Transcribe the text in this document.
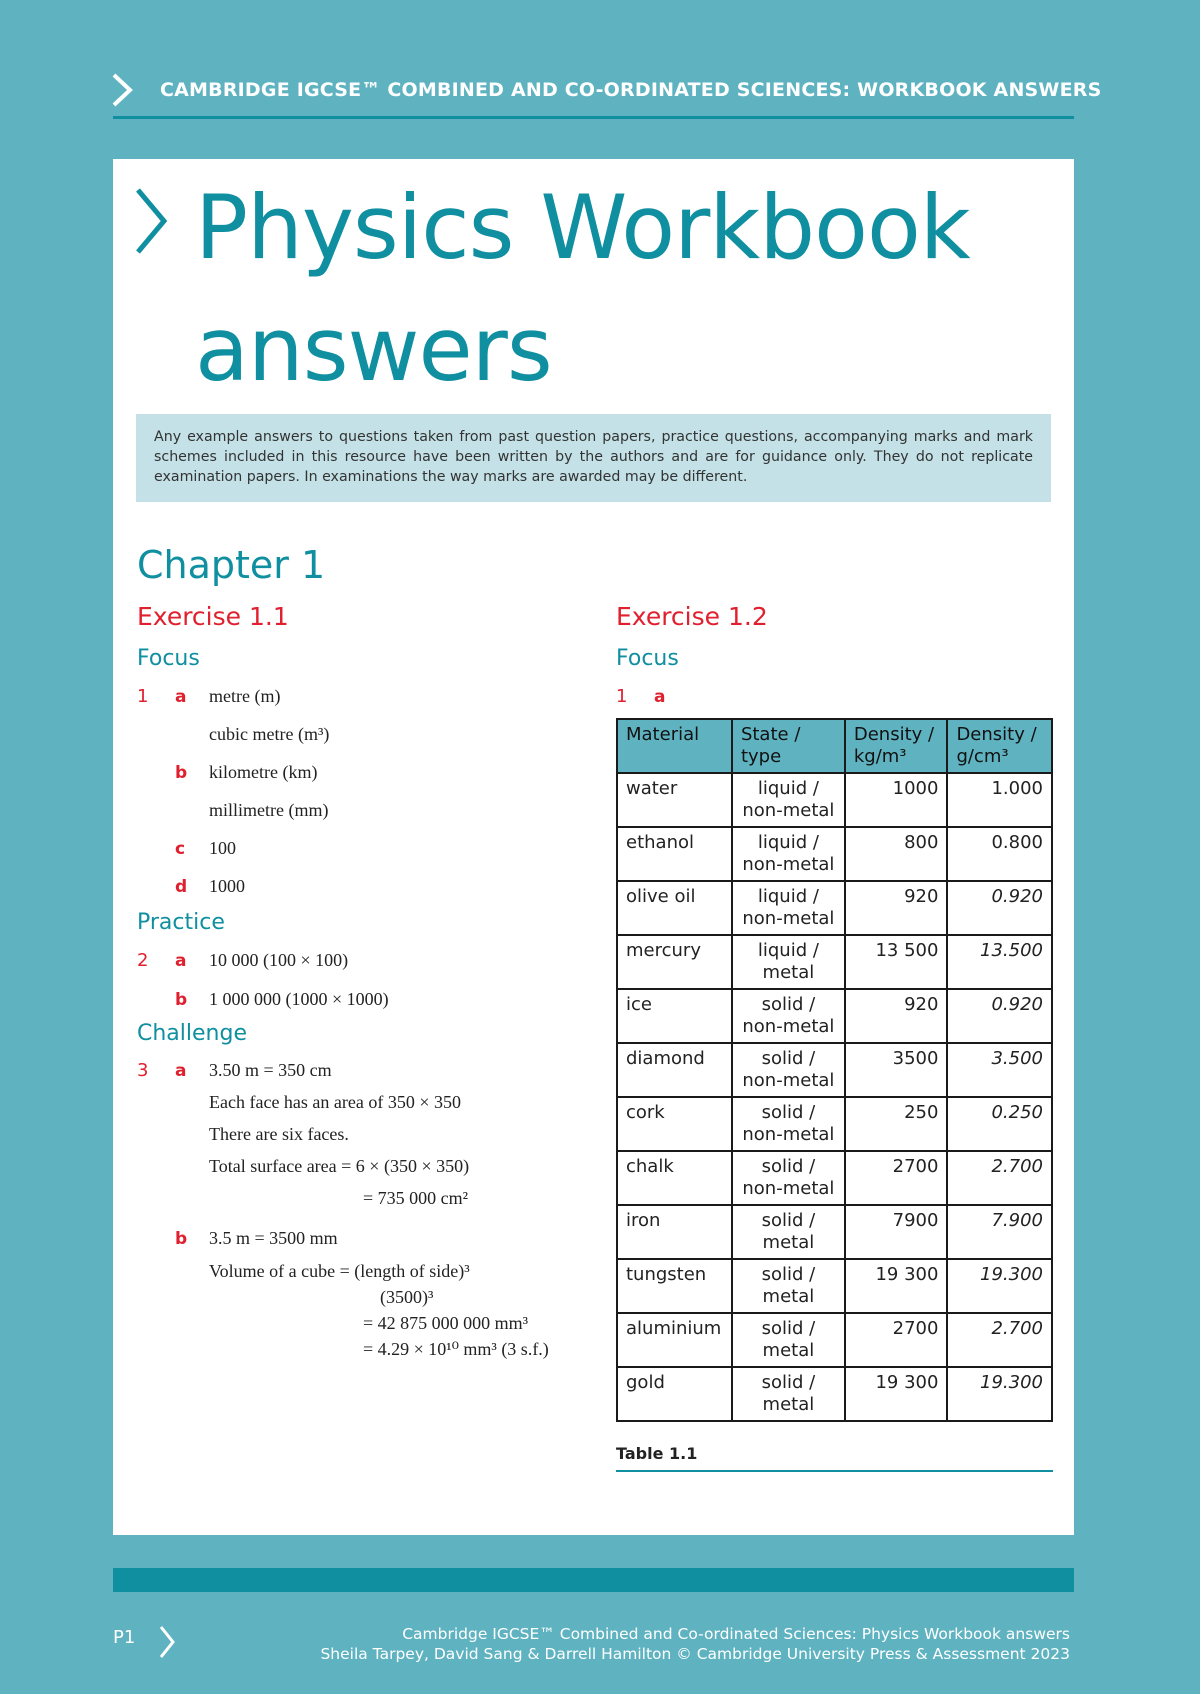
CAMBRIDGE IGCSE™ COMBINED AND CO-ORDINATED SCIENCES: WORKBOOK ANSWERS
Physics Workbook
answers
Any example answers to questions taken from past question papers, practice questions, accompanying marks and mark schemes included in this resource have been written by the authors and are for guidance only. They do not replicate examination papers. In examinations the way marks are awarded may be different.
Chapter 1
Exercise 1.1
Focus
1 a metre (m)
cubic metre (m³)
b kilometre (km)
millimetre (mm)
c 100
d 1000
Practice
2 a 10 000 (100 × 100)
b 1 000 000 (1000 × 1000)
Challenge
3 a 3.50 m = 350 cm
Each face has an area of 350 × 350
There are six faces.
Total surface area = 6 × (350 × 350)
= 735 000 cm²
b 3.5 m = 3500 mm
Volume of a cube = (length of side)³
(3500)³
= 42 875 000 000 mm³
= 4.29 × 10¹⁰ mm³ (3 s.f.)
Exercise 1.2
Focus
1 a
Material	State / type	Density / kg/m³	Density / g/cm³
water	liquid / non-metal	1000	1.000
ethanol	liquid / non-metal	800	0.800
olive oil	liquid / non-metal	920	0.920
mercury	liquid / metal	13 500	13.500
ice	solid / non-metal	920	0.920
diamond	solid / non-metal	3500	3.500
cork	solid / non-metal	250	0.250
chalk	solid / non-metal	2700	2.700
iron	solid / metal	7900	7.900
tungsten	solid / metal	19 300	19.300
aluminium	solid / metal	2700	2.700
gold	solid / metal	19 300	19.300
Table 1.1
P1	Cambridge IGCSE™ Combined and Co-ordinated Sciences: Physics Workbook answers
Sheila Tarpey, David Sang & Darrell Hamilton © Cambridge University Press & Assessment 2023
